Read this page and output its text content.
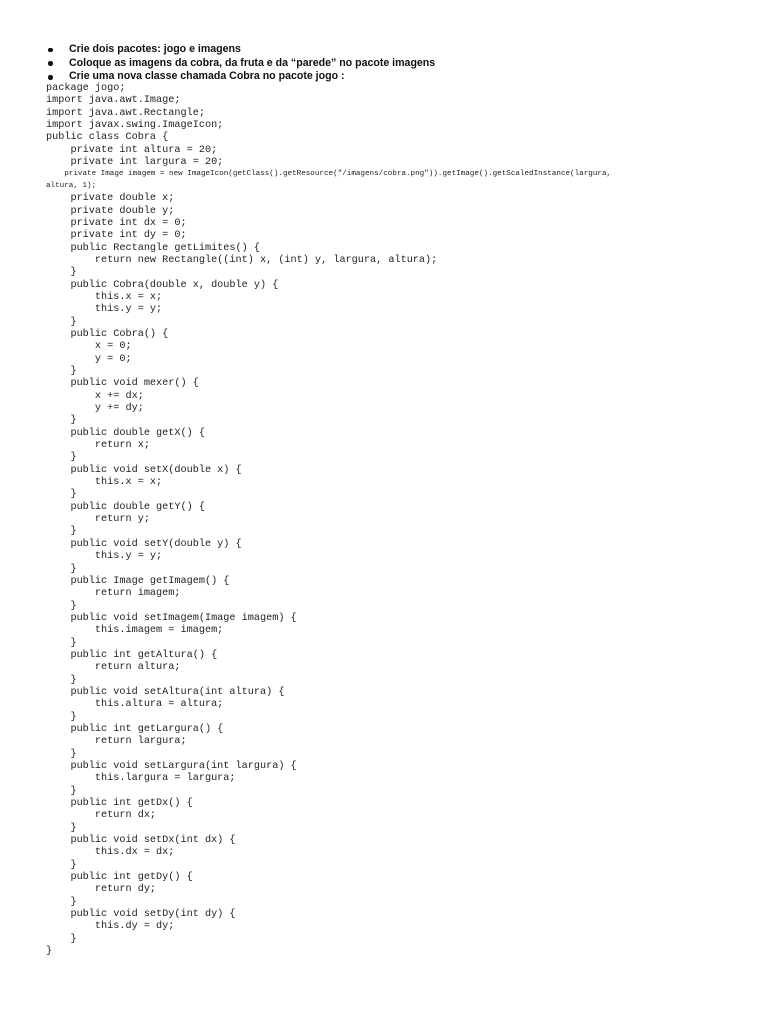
Crie dois pacotes: jogo e imagens
Coloque as imagens da cobra, da fruta e da “parede” no pacote imagens
Crie uma nova classe chamada Cobra no pacote jogo :
package jogo;
import java.awt.Image;
import java.awt.Rectangle;
import javax.swing.ImageIcon;
public class Cobra {
private int altura = 20;
private int largura = 20;
private Image imagem = new ImageIcon(getClass().getResource("/imagens/cobra.png")).getImage().getScaledInstance(largura,
altura, 1);
private double x;
private double y;
private int dx = 0;
private int dy = 0;
public Rectangle getLimites() {
return new Rectangle((int) x, (int) y, largura, altura);
}
public Cobra(double x, double y) {
this.x = x;
this.y = y;
}
public Cobra() {
x = 0;
y = 0;
}
public void mexer() {
x += dx;
y += dy;
}
public double getX() {
return x;
}
public void setX(double x) {
this.x = x;
}
public double getY() {
return y;
}
public void setY(double y) {
this.y = y;
}
public Image getImagem() {
return imagem;
}
public void setImagem(Image imagem) {
this.imagem = imagem;
}
public int getAltura() {
return altura;
}
public void setAltura(int altura) {
this.altura = altura;
}
public int getLargura() {
return largura;
}
public void setLargura(int largura) {
this.largura = largura;
}
public int getDx() {
return dx;
}
public void setDx(int dx) {
this.dx = dx;
}
public int getDy() {
return dy;
}
public void setDy(int dy) {
this.dy = dy;
}
}
